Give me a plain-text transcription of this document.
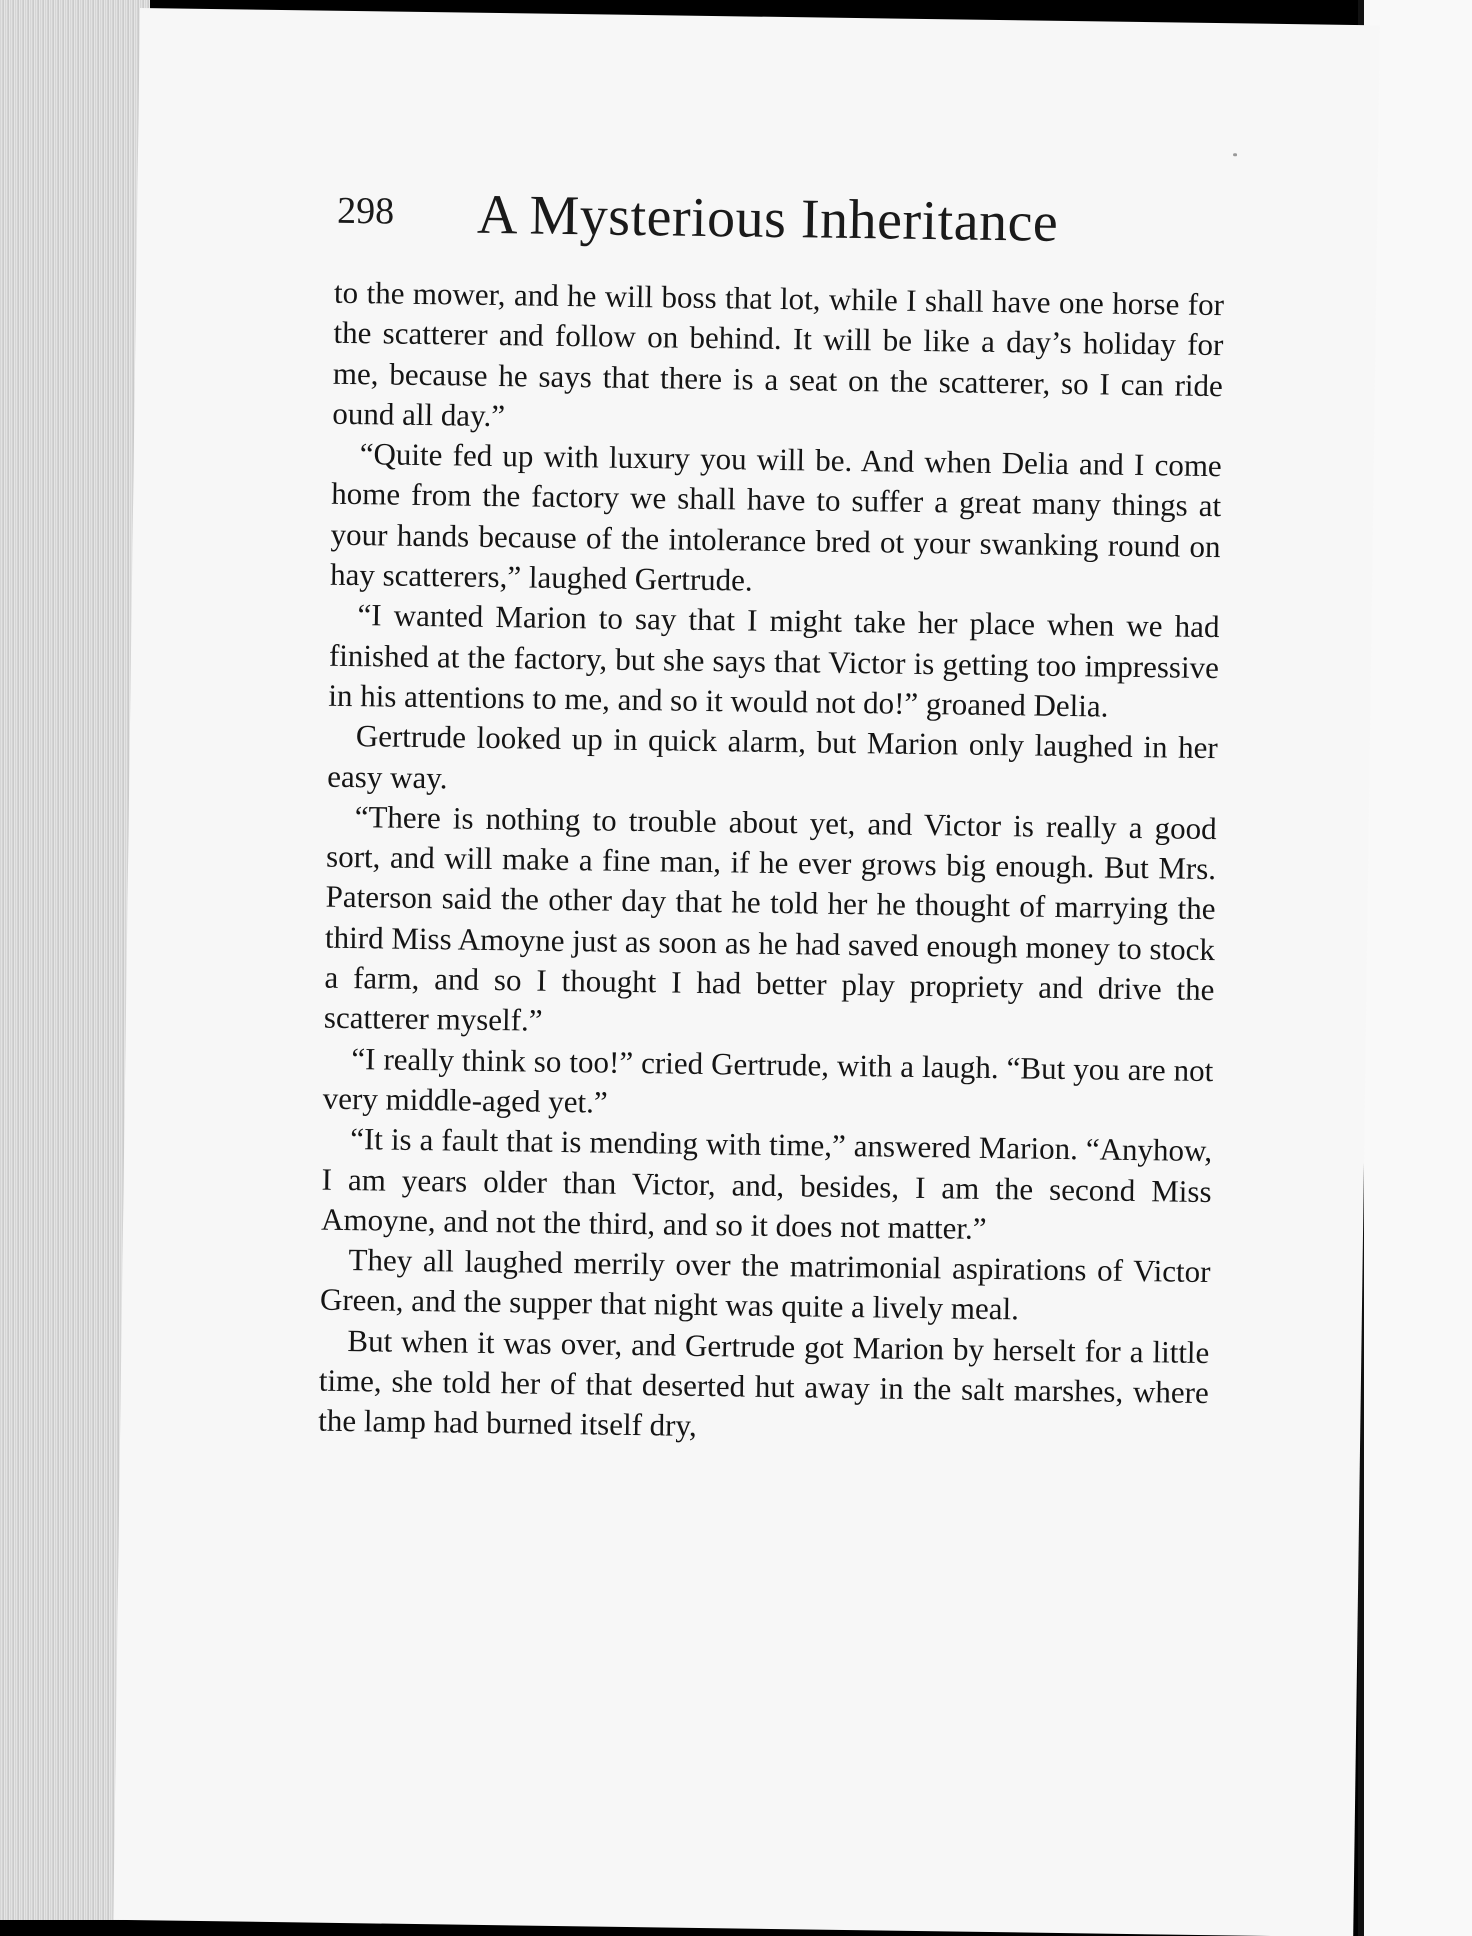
298 A Mysterious Inheritance

to the mower, and he will boss that lot, while I shall have one horse for the scatterer and follow on behind. It will be like a day’s holiday for me, because he says that there is a seat on the scatterer, so I can ride ound all day.”

“Quite fed up with luxury you will be. And when Delia and I come home from the factory we shall have to suffer a great many things at your hands because of the intolerance bred ot your swanking round on hay scatterers,” laughed Gertrude.

“I wanted Marion to say that I might take her place when we had finished at the factory, but she says that Victor is getting too impressive in his attentions to me, and so it would not do!” groaned Delia.

Gertrude looked up in quick alarm, but Marion only laughed in her easy way.

“There is nothing to trouble about yet, and Victor is really a good sort, and will make a fine man, if he ever grows big enough. But Mrs. Paterson said the other day that he told her he thought of marrying the third Miss Amoyne just as soon as he had saved enough money to stock a farm, and so I thought I had better play propriety and drive the scatterer myself.”

“I really think so too!” cried Gertrude, with a laugh. “But you are not very middle-aged yet.”

“It is a fault that is mending with time,” answered Marion. “Anyhow, I am years older than Victor, and, besides, I am the second Miss Amoyne, and not the third, and so it does not matter.”

They all laughed merrily over the matrimonial aspirations of Victor Green, and the supper that night was quite a lively meal.

But when it was over, and Gertrude got Marion by herselt for a little time, she told her of that deserted hut away in the salt marshes, where the lamp had burned itself dry,
